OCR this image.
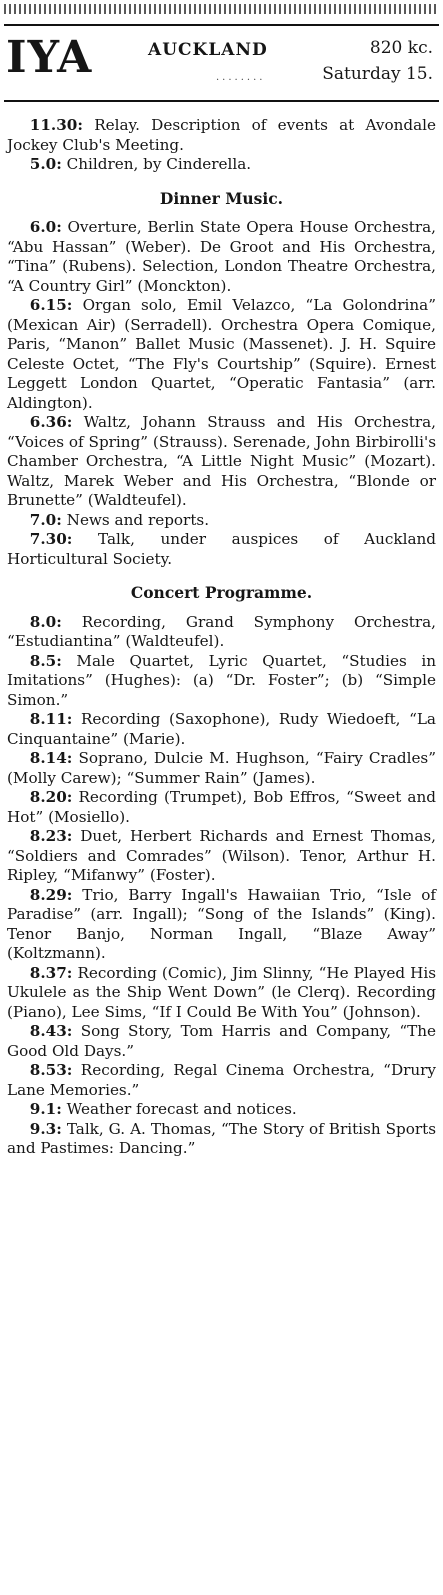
IYA	AUCKLAND	820 kc.
........	Saturday 15.

11.30: Relay. Description of events at Avondale Jockey Club's Meeting.

5.0: Children, by Cinderella.

Dinner Music.

6.0: Overture, Berlin State Opera House Orchestra, “Abu Hassan” (Weber). De Groot and His Orchestra, “Tina” (Rubens). Selection, London Theatre Orchestra, “A Country Girl” (Monckton).

6.15: Organ solo, Emil Velazco, “La Golondrina” (Mexican Air) (Serradell). Orchestra Opera Comique, Paris, “Manon” Ballet Music (Massenet). J. H. Squire Celeste Octet, “The Fly's Courtship” (Squire). Ernest Leggett London Quartet, “Operatic Fantasia” (arr. Aldington).

6.36: Waltz, Johann Strauss and His Orchestra, “Voices of Spring” (Strauss). Serenade, John Birbirolli's Chamber Orchestra, “A Little Night Music” (Mozart). Waltz, Marek Weber and His Orchestra, “Blonde or Brunette” (Waldteufel).

7.0: News and reports.

7.30: Talk, under auspices of Auckland Horticultural Society.

Concert Programme.

8.0: Recording, Grand Symphony Orchestra, “Estudiantina” (Waldteufel).

8.5: Male Quartet, Lyric Quartet, “Studies in Imitations” (Hughes): (a) “Dr. Foster”; (b) “Simple Simon.”

8.11: Recording (Saxophone), Rudy Wiedoeft, “La Cinquantaine” (Marie).

8.14: Soprano, Dulcie M. Hughson, “Fairy Cradles” (Molly Carew); “Summer Rain” (James).

8.20: Recording (Trumpet), Bob Effros, “Sweet and Hot” (Mosiello).

8.23: Duet, Herbert Richards and Ernest Thomas, “Soldiers and Comrades” (Wilson). Tenor, Arthur H. Ripley, “Mifanwy” (Foster).

8.29: Trio, Barry Ingall's Hawaiian Trio, “Isle of Paradise” (arr. Ingall); “Song of the Islands” (King). Tenor Banjo, Norman Ingall, “Blaze Away” (Koltzmann).

8.37: Recording (Comic), Jim Slinny, “He Played His Ukulele as the Ship Went Down” (le Clerq). Recording (Piano), Lee Sims, “If I Could Be With You” (Johnson).

8.43: Song Story, Tom Harris and Company, “The Good Old Days.”

8.53: Recording, Regal Cinema Orchestra, “Drury Lane Memories.”

9.1: Weather forecast and notices.

9.3: Talk, G. A. Thomas, “The Story of British Sports and Pastimes: Dancing.”
